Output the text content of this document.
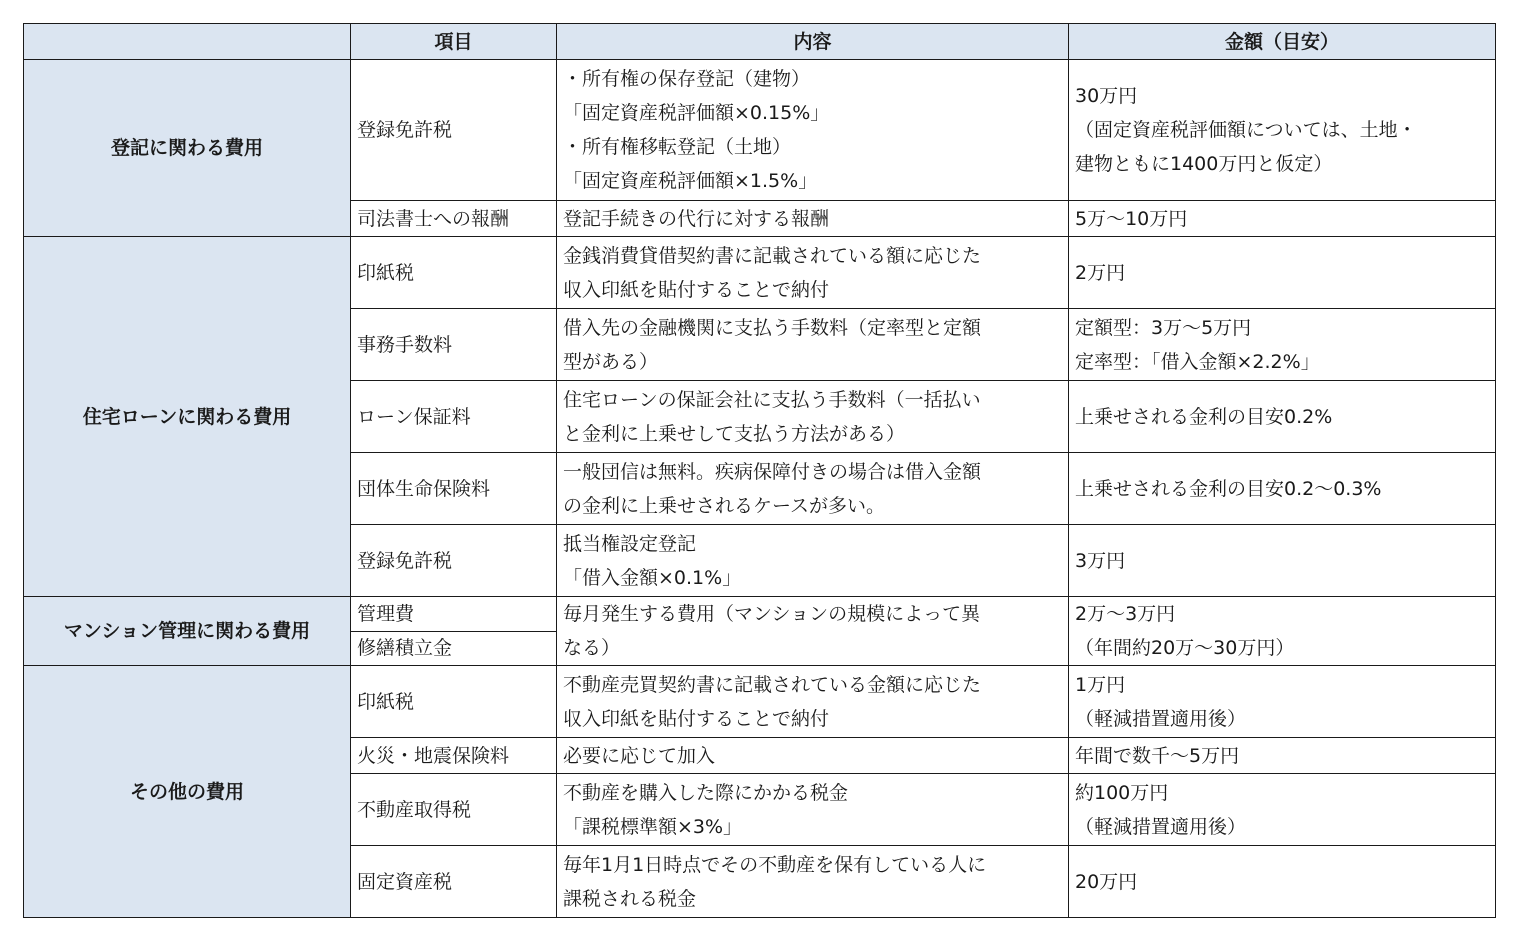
	項目	内容	金額（目安）
登記に関わる費用	登録免許税	・所有権の保存登記（建物）
「固定資産税評価額×0.15%」
・所有権移転登記（土地）
「固定資産税評価額×1.5%」	30万円
（固定資産税評価額については、土地・
建物ともに1400万円と仮定）

	司法書士への報酬	登記手続きの代行に対する報酬	5万〜10万円

住宅ローンに関わる費用	印紙税	金銭消費貸借契約書に記載されている額に応じた
収入印紙を貼付することで納付	2万円

	事務手数料	借入先の金融機関に支払う手数料（定率型と定額
型がある）	定額型：3万〜5万円
定率型：「借入金額×2.2%」

	ローン保証料	住宅ローンの保証会社に支払う手数料（一括払い
と金利に上乗せして支払う方法がある）	上乗せされる金利の目安0.2%

	団体生命保険料	一般団信は無料。疾病保障付きの場合は借入金額
の金利に上乗せされるケースが多い。	上乗せされる金利の目安0.2〜0.3%

	登録免許税	抵当権設定登記
「借入金額×0.1%」	3万円

マンション管理に関わる費用	管理費	毎月発生する費用（マンションの規模によって異
なる）	2万〜3万円
（年間約20万〜30万円）

	修繕積立金		
その他の費用	印紙税	不動産売買契約書に記載されている金額に応じた
収入印紙を貼付することで納付	1万円
（軽減措置適用後）

	火災・地震保険料	必要に応じて加入	年間で数千〜5万円

	不動産取得税	不動産を購入した際にかかる税金
「課税標準額×3%」	約100万円
（軽減措置適用後）

	固定資産税	毎年1月1日時点でその不動産を保有している人に
課税される税金	20万円
